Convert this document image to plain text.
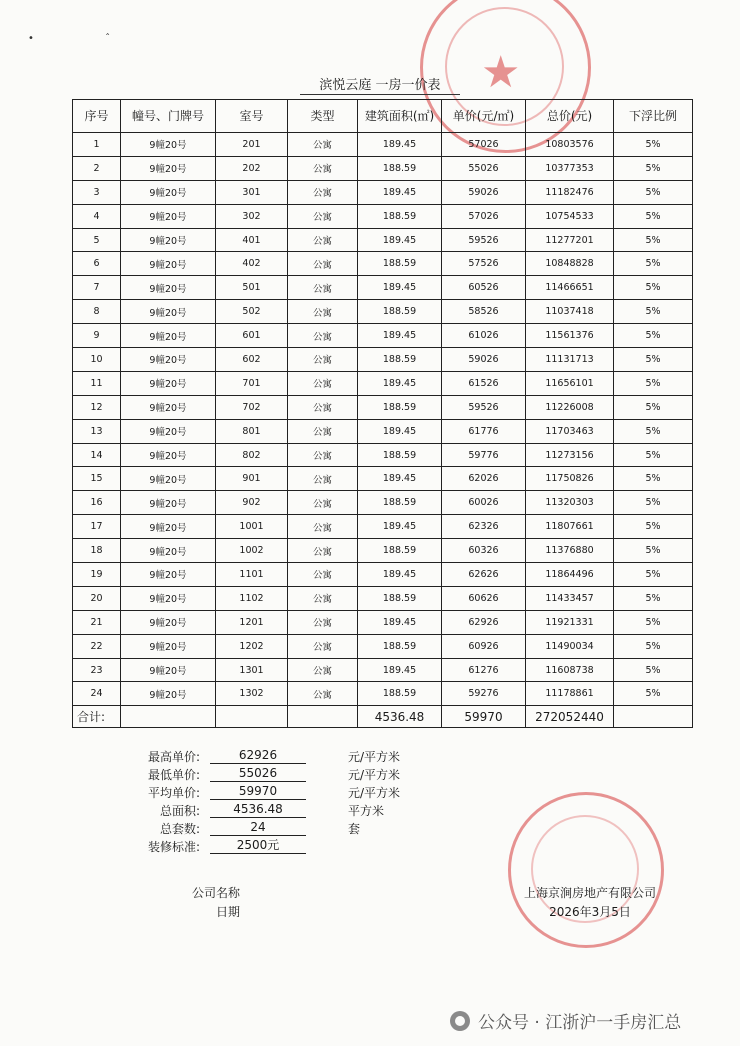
• ˆ
★
滨悦云庭 一房一价表
序号	幢号、门牌号	室号	类型	建筑面积(㎡)	单价(元/㎡)	总价(元)	下浮比例
1	9幢20号	201	公寓	189.45	57026	10803576	5%
2	9幢20号	202	公寓	188.59	55026	10377353	5%
3	9幢20号	301	公寓	189.45	59026	11182476	5%
4	9幢20号	302	公寓	188.59	57026	10754533	5%
5	9幢20号	401	公寓	189.45	59526	11277201	5%
6	9幢20号	402	公寓	188.59	57526	10848828	5%
7	9幢20号	501	公寓	189.45	60526	11466651	5%
8	9幢20号	502	公寓	188.59	58526	11037418	5%
9	9幢20号	601	公寓	189.45	61026	11561376	5%
10	9幢20号	602	公寓	188.59	59026	11131713	5%
11	9幢20号	701	公寓	189.45	61526	11656101	5%
12	9幢20号	702	公寓	188.59	59526	11226008	5%
13	9幢20号	801	公寓	189.45	61776	11703463	5%
14	9幢20号	802	公寓	188.59	59776	11273156	5%
15	9幢20号	901	公寓	189.45	62026	11750826	5%
16	9幢20号	902	公寓	188.59	60026	11320303	5%
17	9幢20号	1001	公寓	189.45	62326	11807661	5%
18	9幢20号	1002	公寓	188.59	60326	11376880	5%
19	9幢20号	1101	公寓	189.45	62626	11864496	5%
20	9幢20号	1102	公寓	188.59	60626	11433457	5%
21	9幢20号	1201	公寓	189.45	62926	11921331	5%
22	9幢20号	1202	公寓	188.59	60926	11490034	5%
23	9幢20号	1301	公寓	189.45	61276	11608738	5%
24	9幢20号	1302	公寓	188.59	59276	11178861	5%
合计:				4536.48	59970	272052440	
最高单价:	62926	元/平方米
最低单价:	55026	元/平方米
平均单价:	59970	元/平方米
总面积:	4536.48	平方米
总套数:	24	套
装修标准:	2500元
公司名称	上海京涧房地产有限公司
日期	2026年3月5日
公众号 · 江浙沪一手房汇总
